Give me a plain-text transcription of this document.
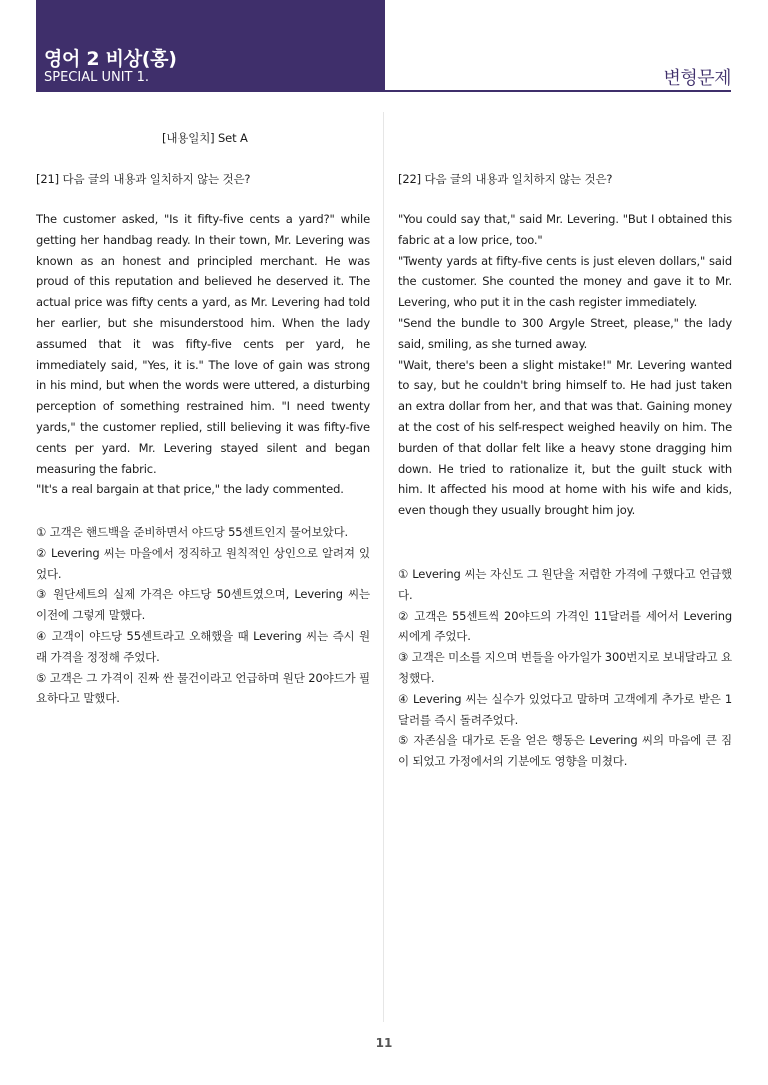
영어 2 비상(홍)
SPECIAL UNIT 1.	변형문제
[내용일치] Set A
[21] 다음 글의 내용과 일치하지 않는 것은?

The customer asked, "Is it fifty-five cents a yard?" while getting her handbag ready. In their town, Mr. Levering was known as an honest and principled merchant. He was proud of this reputation and believed he deserved it. The actual price was fifty cents a yard, as Mr. Levering had told her earlier, but she misunderstood him. When the lady assumed that it was fifty-five cents per yard, he immediately said, "Yes, it is." The love of gain was strong in his mind, but when the words were uttered, a disturbing perception of something restrained him. "I need twenty yards," the customer replied, still believing it was fifty-five cents per yard. Mr. Levering stayed silent and began measuring the fabric.

"It's a real bargain at that price," the lady commented.

① 고객은 핸드백을 준비하면서 야드당 55센트인지 물어보았다.
② Levering 씨는 마을에서 정직하고 원칙적인 상인으로 알려져 있었다.
③ 원단세트의 실제 가격은 야드당 50센트였으며, Levering 씨는 이전에 그렇게 말했다.
④ 고객이 야드당 55센트라고 오해했을 때 Levering 씨는 즉시 원래 가격을 정정해 주었다.
⑤ 고객은 그 가격이 진짜 싼 물건이라고 언급하며 원단 20야드가 필요하다고 말했다.
[22] 다음 글의 내용과 일치하지 않는 것은?

"You could say that," said Mr. Levering. "But I obtained this fabric at a low price, too."

"Twenty yards at fifty-five cents is just eleven dollars," said the customer. She counted the money and gave it to Mr. Levering, who put it in the cash register immediately.

"Send the bundle to 300 Argyle Street, please," the lady said, smiling, as she turned away.

"Wait, there's been a slight mistake!" Mr. Levering wanted to say, but he couldn't bring himself to. He had just taken an extra dollar from her, and that was that. Gaining money at the cost of his self-respect weighed heavily on him. The burden of that dollar felt like a heavy stone dragging him down. He tried to rationalize it, but the guilt stuck with him. It affected his mood at home with his wife and kids, even though they usually brought him joy.

① Levering 씨는 자신도 그 원단을 저렴한 가격에 구했다고 언급했다.
② 고객은 55센트씩 20야드의 가격인 11달러를 세어서 Levering 씨에게 주었다.
③ 고객은 미소를 지으며 번들을 아가일가 300번지로 보내달라고 요청했다.
④ Levering 씨는 실수가 있었다고 말하며 고객에게 추가로 받은 1달러를 즉시 돌려주었다.
⑤ 자존심을 대가로 돈을 얻은 행동은 Levering 씨의 마음에 큰 짐이 되었고 가정에서의 기분에도 영향을 미쳤다.
11
